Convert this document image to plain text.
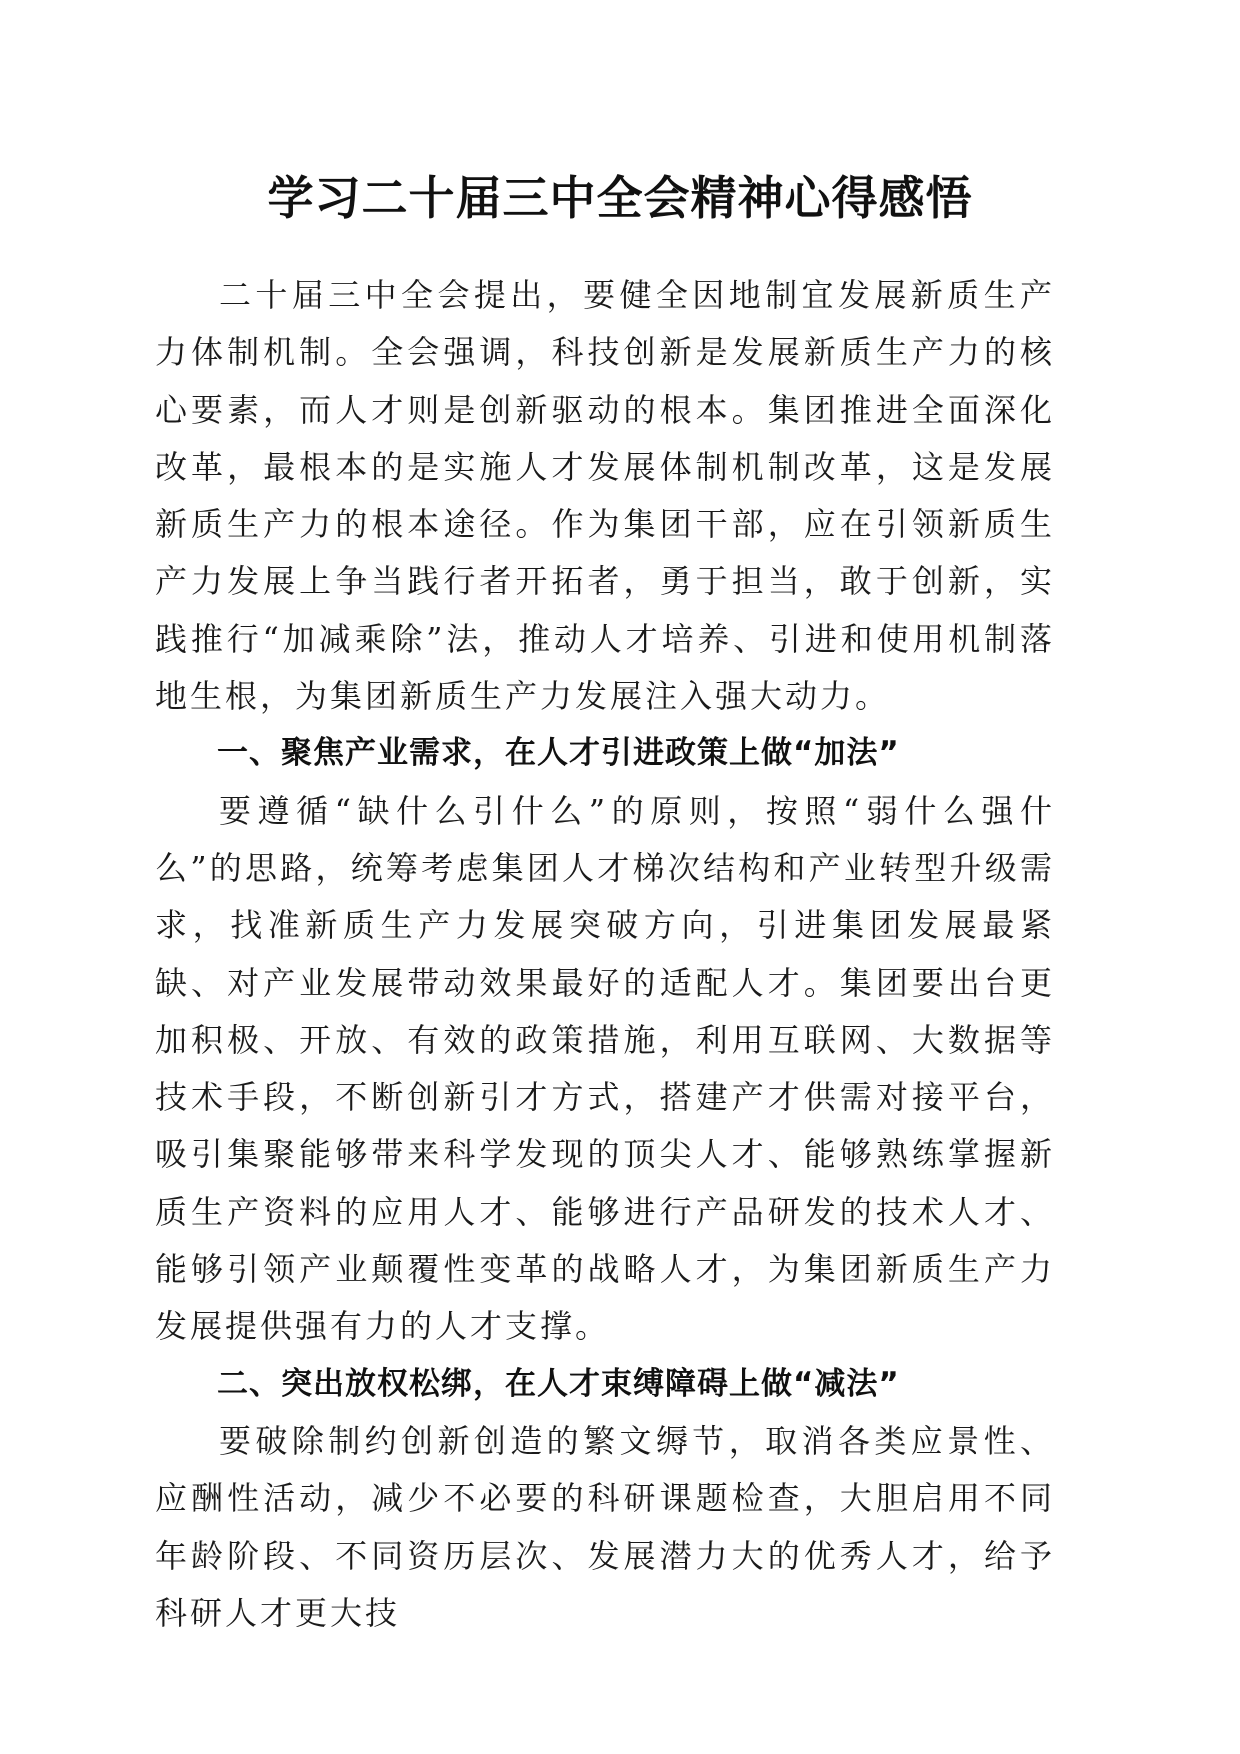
学习二十届三中全会精神心得感悟

二十届三中全会提出，要健全因地制宜发展新质生产力体制机制。全会强调，科技创新是发展新质生产力的核心要素，而人才则是创新驱动的根本。集团推进全面深化改革，最根本的是实施人才发展体制机制改革，这是发展新质生产力的根本途径。作为集团干部，应在引领新质生产力发展上争当践行者开拓者，勇于担当，敢于创新，实践推行“加减乘除”法，推动人才培养、引进和使用机制落地生根，为集团新质生产力发展注入强大动力。

一、聚焦产业需求，在人才引进政策上做“加法”

要遵循“缺什么引什么”的原则，按照“弱什么强什么”的思路，统筹考虑集团人才梯次结构和产业转型升级需求，找准新质生产力发展突破方向，引进集团发展最紧缺、对产业发展带动效果最好的适配人才。集团要出台更加积极、开放、有效的政策措施，利用互联网、大数据等技术手段，不断创新引才方式，搭建产才供需对接平台，吸引集聚能够带来科学发现的顶尖人才、能够熟练掌握新质生产资料的应用人才、能够进行产品研发的技术人才、能够引领产业颠覆性变革的战略人才，为集团新质生产力发展提供强有力的人才支撑。

二、突出放权松绑，在人才束缚障碍上做“减法”

要破除制约创新创造的繁文缛节，取消各类应景性、应酬性活动，减少不必要的科研课题检查，大胆启用不同年龄阶段、不同资历层次、发展潜力大的优秀人才，给予科研人才更大技
